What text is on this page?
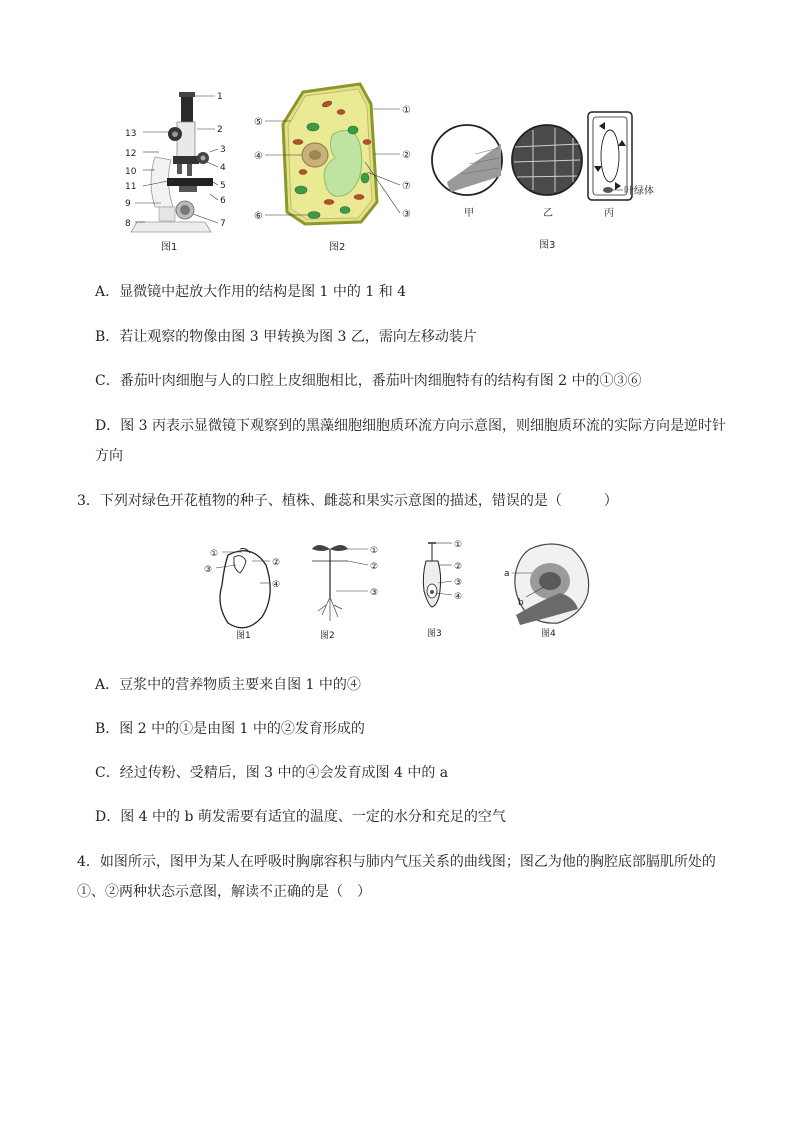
1
2
3
4
5
6
7
8
9
10
11
12
13
图1
①
②
③
④
⑤
⑥
⑦
图2
甲	乙
叶绿体
丙
图3
A．显微镜中起放大作用的结构是图 1 中的 1 和 4
B．若让观察的物像由图 3 甲转换为图 3 乙，需向左移动装片
C．番茄叶肉细胞与人的口腔上皮细胞相比，番茄叶肉细胞特有的结构有图 2 中的①③⑥
D．图 3 丙表示显微镜下观察到的黑藻细胞细胞质环流方向示意图，则细胞质环流的实际方向是逆时针
方向
3．下列对绿色开花植物的种子、植株、雌蕊和果实示意图的描述，错误的是（　　　）
①
②
③
④
图1
①
②
③
图2
①
②
③
④
图3
a
b
图4
A．豆浆中的营养物质主要来自图 1 中的④
B．图 2 中的①是由图 1 中的②发育形成的
C．经过传粉、受精后，图 3 中的④会发育成图 4 中的 a
D．图 4 中的 b 萌发需要有适宜的温度、一定的水分和充足的空气
4．如图所示，图甲为某人在呼吸时胸廓容积与肺内气压关系的曲线图；图乙为他的胸腔底部膈肌所处的
①、②两种状态示意图，解读不正确的是（　）
